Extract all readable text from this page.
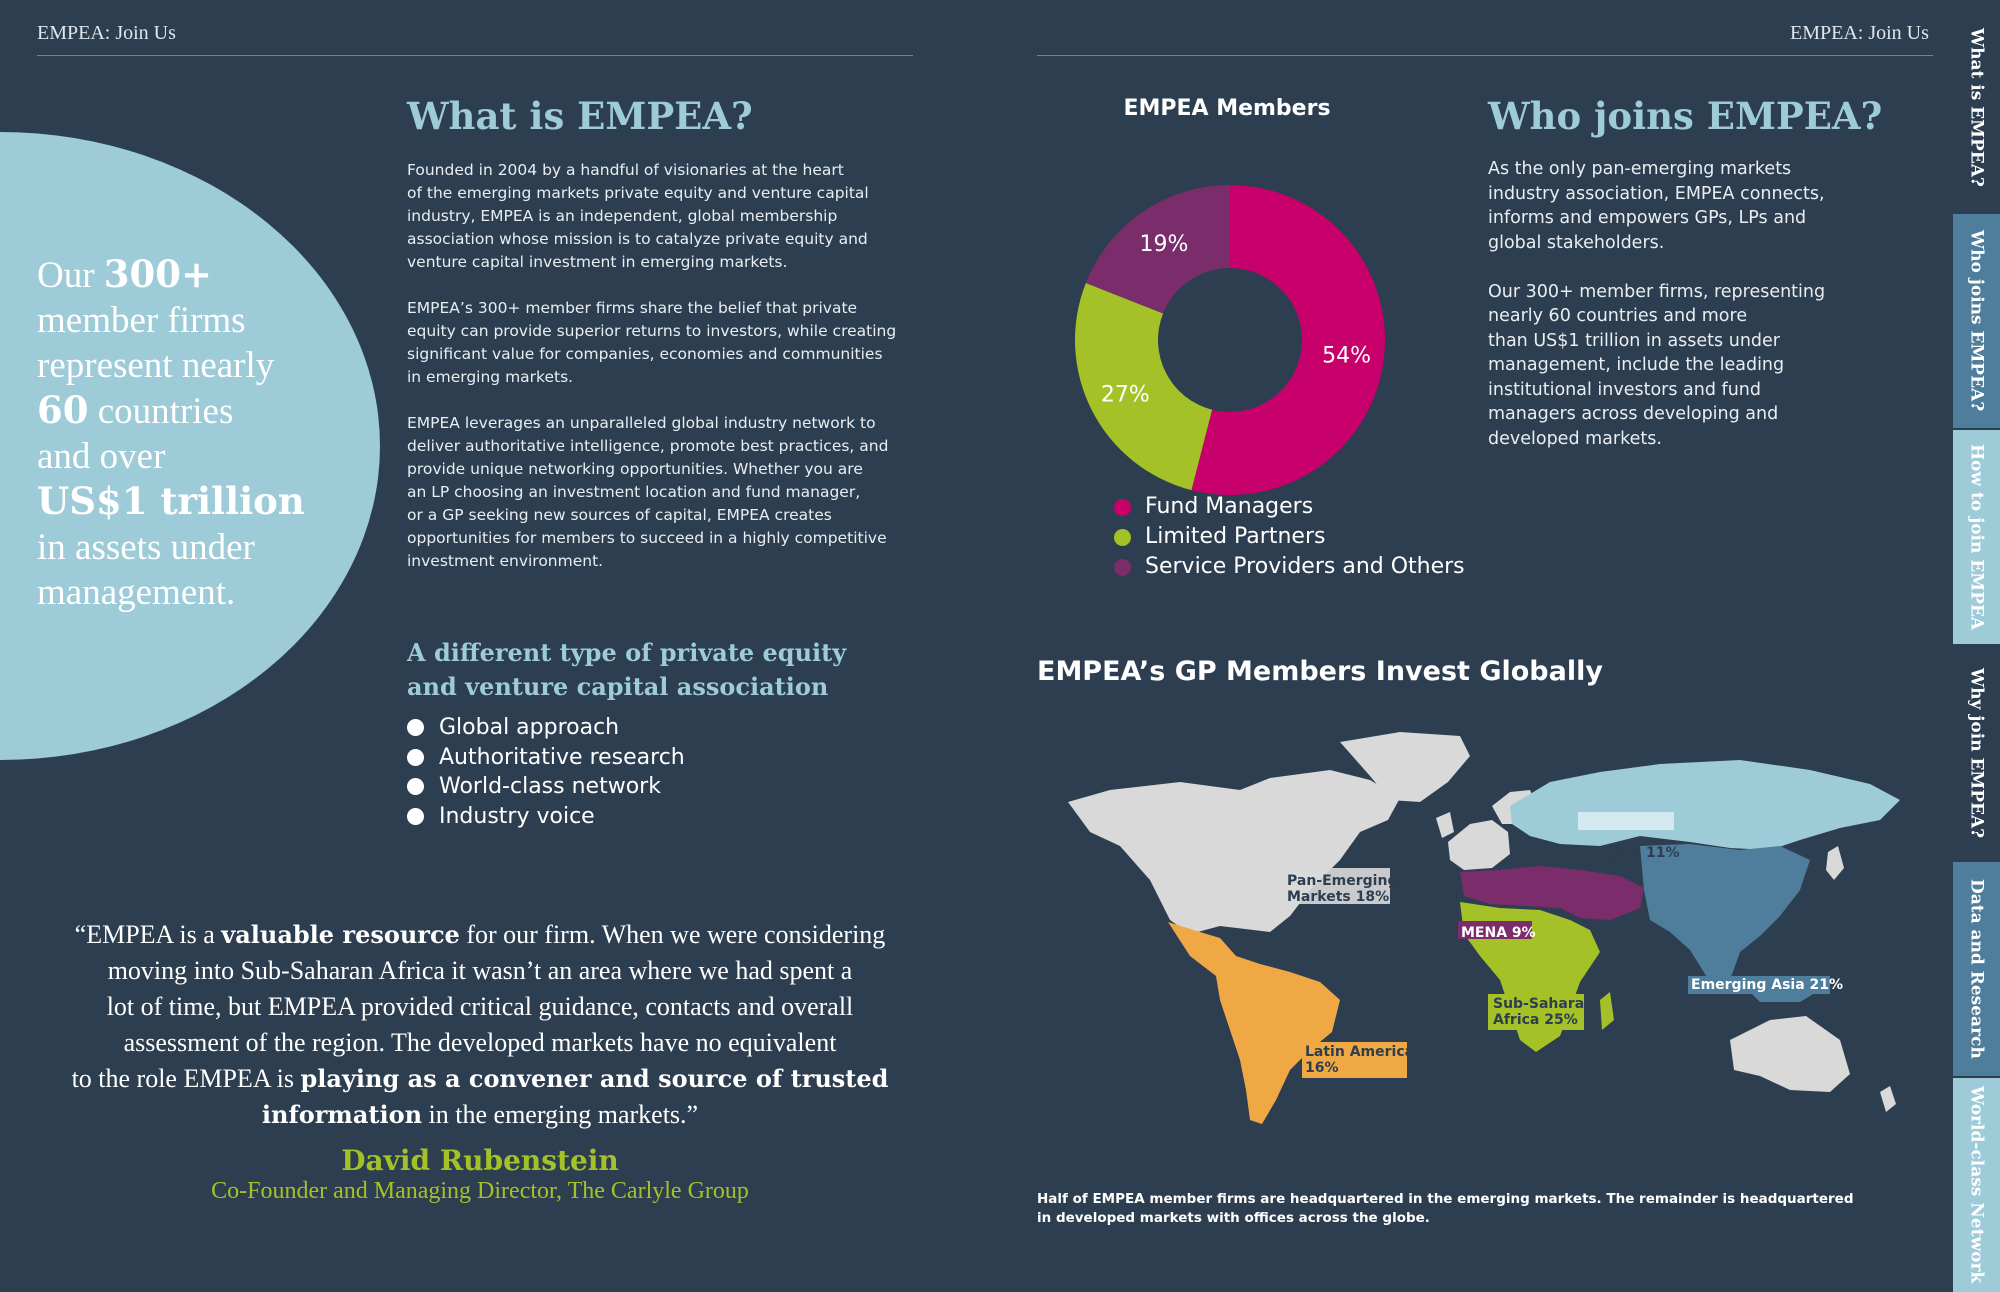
EMPEA: Join Us	EMPEA: Join Us
Our 300+
member firms
represent nearly
60 countries
and over
US$1 trillion
in assets under
management.
What is EMPEA?

Founded in 2004 by a handful of visionaries at the heart
of the emerging markets private equity and venture capital
industry, EMPEA is an independent, global membership
association whose mission is to catalyze private equity and
venture capital investment in emerging markets.

EMPEA’s 300+ member firms share the belief that private
equity can provide superior returns to investors, while creating
significant value for companies, economies and communities
in emerging markets.

EMPEA leverages an unparalleled global industry network to
deliver authoritative intelligence, promote best practices, and
provide unique networking opportunities. Whether you are
an LP choosing an investment location and fund manager,
or a GP seeking new sources of capital, EMPEA creates
opportunities for members to succeed in a highly competitive
investment environment.

A different type of private equity
and venture capital association
Global approach
Authoritative research
World-class network
Industry voice
“EMPEA is a valuable resource for our firm. When we were considering
moving into Sub-Saharan Africa it wasn’t an area where we had spent a
lot of time, but EMPEA provided critical guidance, contacts and overall
assessment of the region. The developed markets have no equivalent
to the role EMPEA is playing as a convener and source of trusted
information in the emerging markets.”
David Rubenstein
Co-Founder and Managing Director, The Carlyle Group
EMPEA Members
54%
27%
19%
Fund Managers
Limited Partners
Service Providers and Others
Who joins EMPEA?

As the only pan-emerging markets
industry association, EMPEA connects,
informs and empowers GPs, LPs and
global stakeholders.

Our 300+ member firms, representing
nearly 60 countries and more
than US$1 trillion in assets under
management, include the leading
institutional investors and fund
managers across developing and
developed markets.

EMPEA’s GP Members Invest Globally
Pan-Emerging
Markets 18%
CEE/CIS 11%
MENA 9%
Emerging Asia 21%
Sub-Saharan
Africa 25%
Latin America
16%
Half of EMPEA member firms are headquartered in the emerging markets. The remainder is headquartered
in developed markets with offices across the globe.
What is EMPEA?
Who joins EMPEA?
How to join EMPEA
Why join EMPEA?
Data and Research
World-class Network
